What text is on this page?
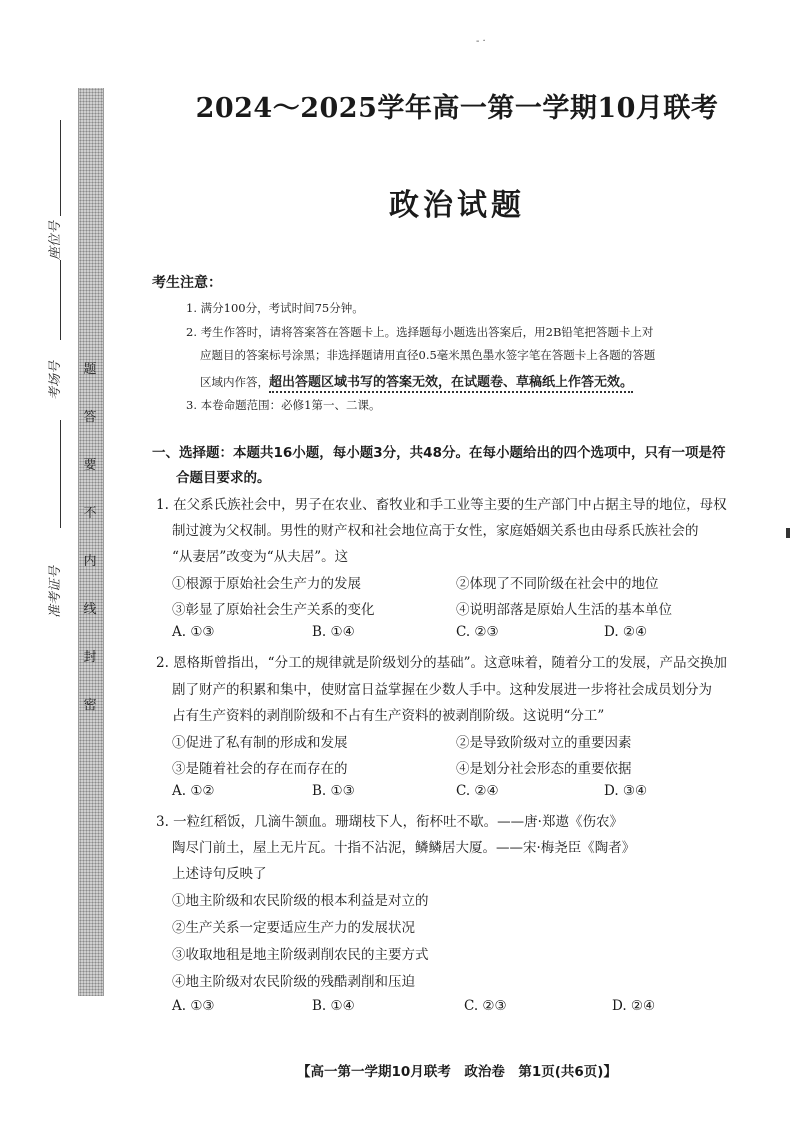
- ·
题
答
要
不
内
线
封
密
座位号
考场号
准考证号
2024～2025学年高一第一学期10月联考
政治试题
考生注意：
1. 满分100分，考试时间75分钟。
2. 考生作答时，请将答案答在答题卡上。选择题每小题选出答案后，用2B铅笔把答题卡上对
应题目的答案标号涂黑；非选择题请用直径0.5毫米黑色墨水签字笔在答题卡上各题的答题
区域内作答，超出答题区域书写的答案无效，在试题卷、草稿纸上作答无效。
3. 本卷命题范围：必修1第一、二课。
一、选择题：本题共16小题，每小题3分，共48分。在每小题给出的四个选项中，只有一项是符
合题目要求的。
1. 在父系氏族社会中，男子在农业、畜牧业和手工业等主要的生产部门中占据主导的地位，母权
制过渡为父权制。男性的财产权和社会地位高于女性，家庭婚姻关系也由母系氏族社会的
“从妻居”改变为“从夫居”。这
①根源于原始社会生产力的发展	②体现了不同阶级在社会中的地位
③彰显了原始社会生产关系的变化	④说明部落是原始人生活的基本单位
A. ①③	B. ①④	C. ②③	D. ②④
2. 恩格斯曾指出，“分工的规律就是阶级划分的基础”。这意味着，随着分工的发展，产品交换加
剧了财产的积累和集中，使财富日益掌握在少数人手中。这种发展进一步将社会成员划分为
占有生产资料的剥削阶级和不占有生产资料的被剥削阶级。这说明“分工”
①促进了私有制的形成和发展	②是导致阶级对立的重要因素
③是随着社会的存在而存在的	④是划分社会形态的重要依据
A. ①②	B. ①③	C. ②④	D. ③④
3. 一粒红稻饭，几滴牛颔血。珊瑚枝下人，衔杯吐不歇。——唐·郑遨《伤农》
陶尽门前土，屋上无片瓦。十指不沾泥，鳞鳞居大厦。——宋·梅尧臣《陶者》
上述诗句反映了
①地主阶级和农民阶级的根本利益是对立的
②生产关系一定要适应生产力的发展状况
③收取地租是地主阶级剥削农民的主要方式
④地主阶级对农民阶级的残酷剥削和压迫
A. ①③	B. ①④	C. ②③	D. ②④
【高一第一学期10月联考　政治卷　第1页(共6页)】
